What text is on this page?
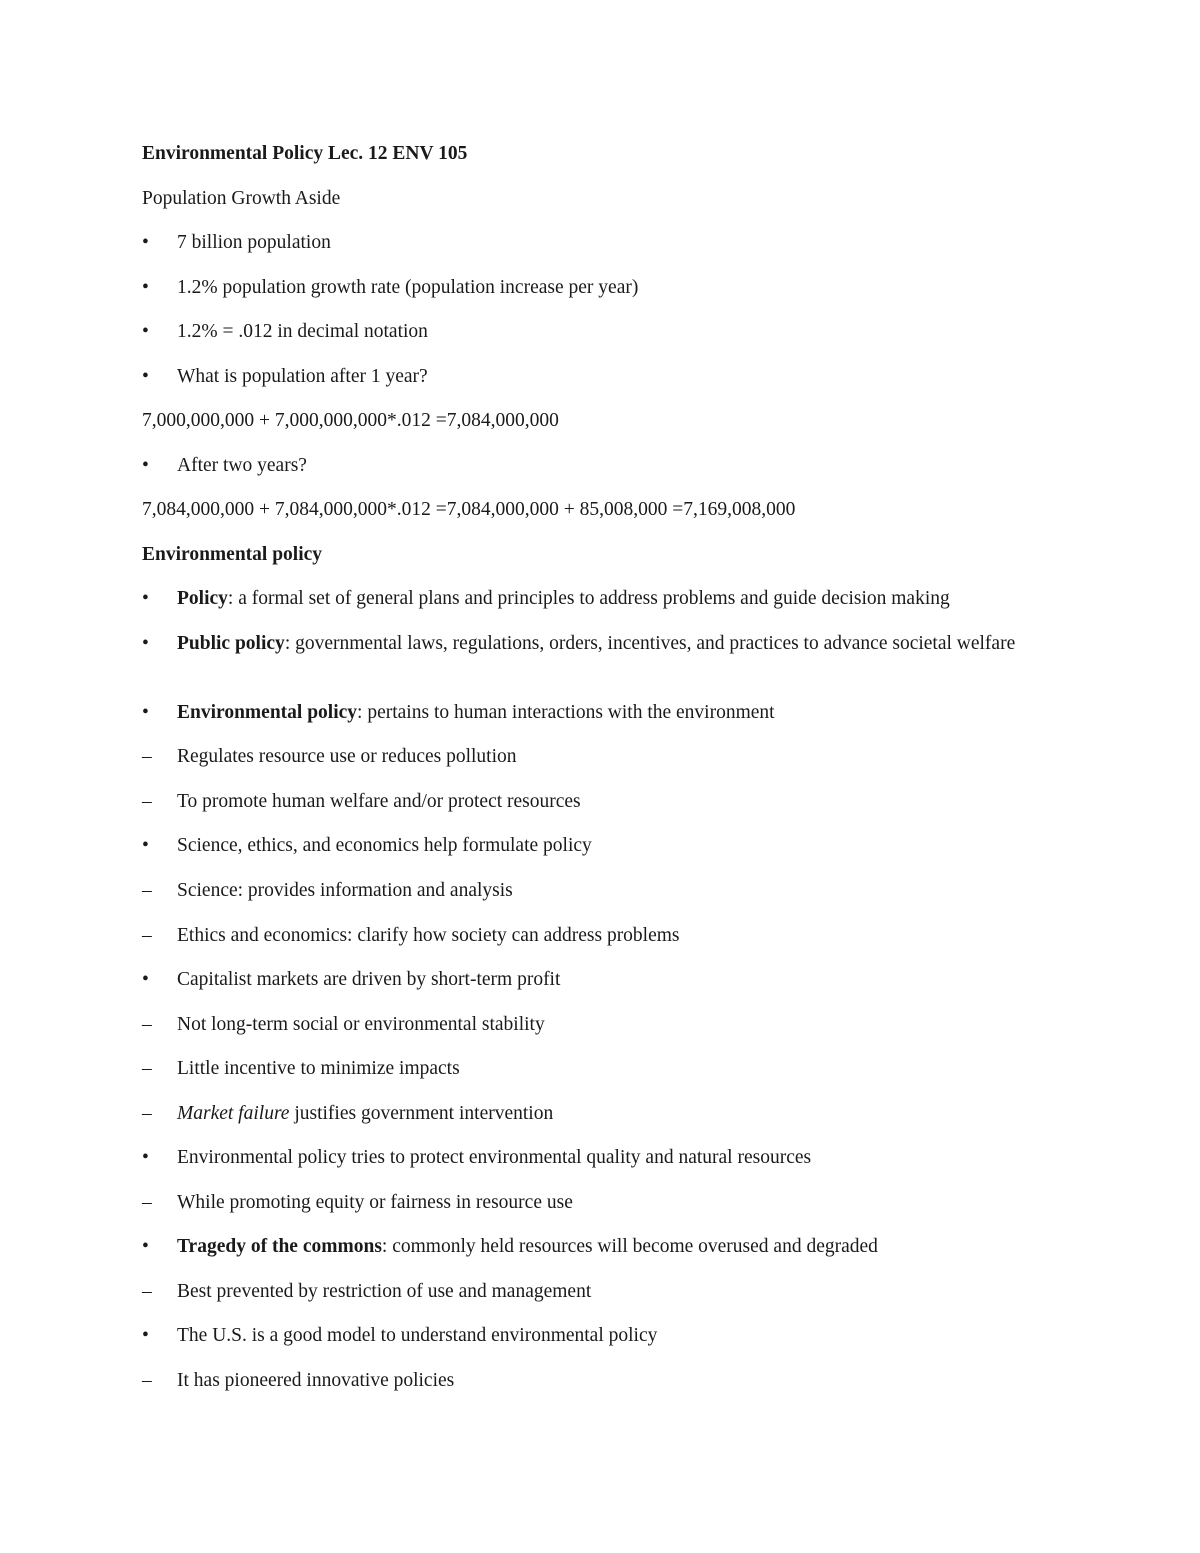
Environmental Policy Lec. 12 ENV 105
Population Growth Aside
•	7 billion population
•	1.2% population growth rate (population increase per year)
•	1.2% = .012 in decimal notation
•	What is population after 1 year?
7,000,000,000 + 7,000,000,000*.012 =7,084,000,000
•	After two years?
7,084,000,000 + 7,084,000,000*.012 =7,084,000,000 + 85,008,000 =7,169,008,000
Environmental policy
•	Policy: a formal set of general plans and principles to address problems and guide decision making
•	Public policy: governmental laws, regulations, orders, incentives, and practices to advance societal welfare
•	Environmental policy: pertains to human interactions with the environment
–	Regulates resource use or reduces pollution
–	To promote human welfare and/or protect resources
•	Science, ethics, and economics help formulate policy
–	Science: provides information and analysis
–	Ethics and economics: clarify how society can address problems
•	Capitalist markets are driven by short-term profit
–	Not long-term social or environmental stability
–	Little incentive to minimize impacts
–	Market failure justifies government intervention
•	Environmental policy tries to protect environmental quality and natural resources
–	While promoting equity or fairness in resource use
•	Tragedy of the commons: commonly held resources will become overused and degraded
–	Best prevented by restriction of use and management
•	The U.S. is a good model to understand environmental policy
–	It has pioneered innovative policies
